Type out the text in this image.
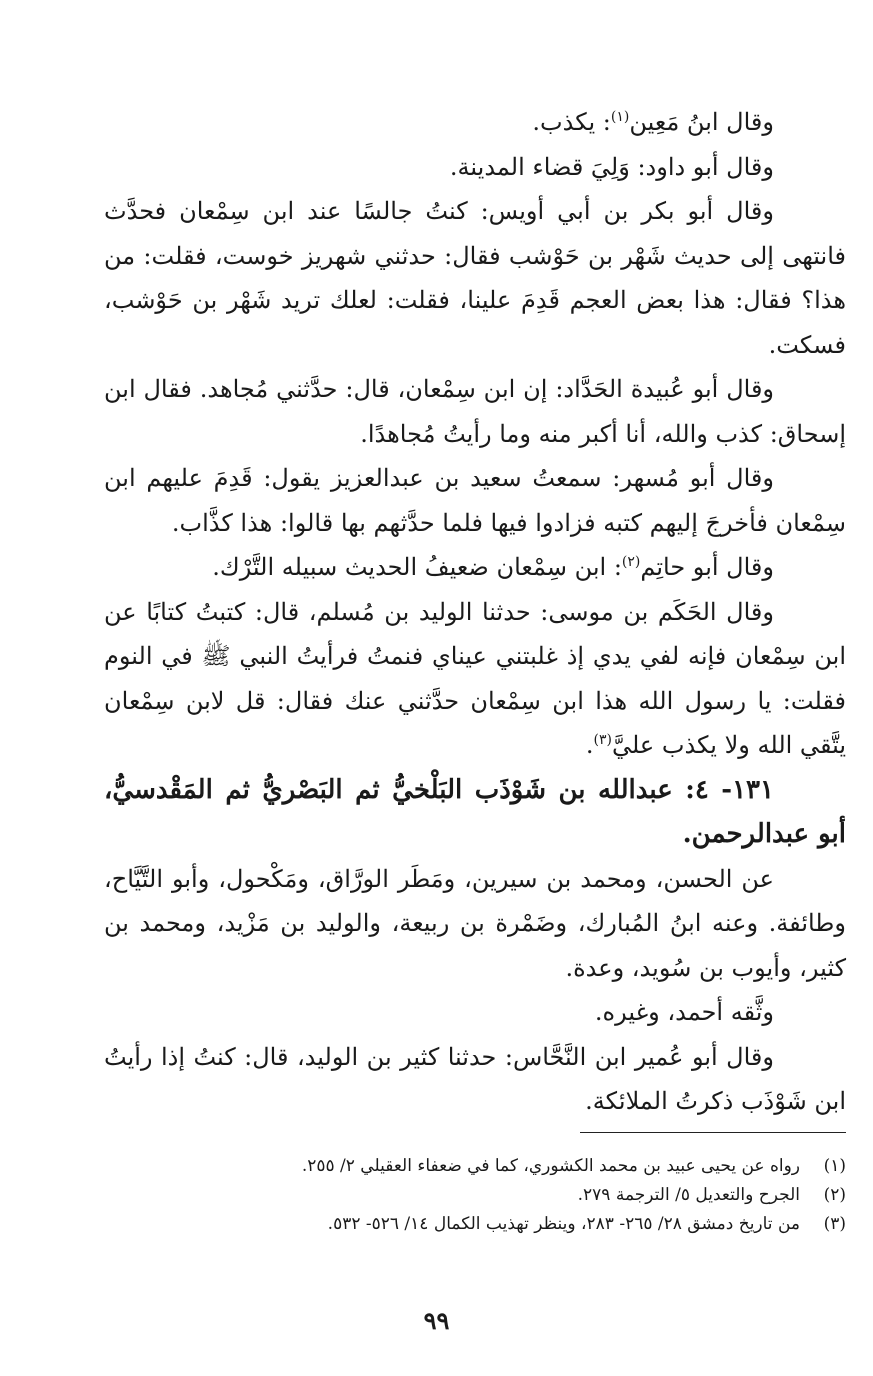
وقال ابنُ مَعِين$^{(١)}$: يكذب.

وقال أبو داود: وَلِيَ قضاء المدينة.

وقال أبو بكر بن أبي أويس: كنتُ جالسًا عند ابن سِمْعان فحدَّث فانتهى إلى حديث شَهْر بن حَوْشب فقال: حدثني شهريز خوست، فقلت: من هذا؟ فقال: هذا بعض العجم قَدِمَ علينا، فقلت: لعلك تريد شَهْر بن حَوْشب، فسكت.

وقال أبو عُبيدة الحَدَّاد: إن ابن سِمْعان، قال: حدَّثني مُجاهد. فقال ابن إسحاق: كذب والله، أنا أكبر منه وما رأيتُ مُجاهدًا.

وقال أبو مُسهر: سمعتُ سعيد بن عبدالعزيز يقول: قَدِمَ عليهم ابن سِمْعان فأخرجَ إليهم كتبه فزادوا فيها فلما حدَّثهم بها قالوا: هذا كذَّاب.

وقال أبو حاتِم$^{(٢)}$: ابن سِمْعان ضعيفُ الحديث سبيله التَّرْك.

وقال الحَكَم بن موسى: حدثنا الوليد بن مُسلم، قال: كتبتُ كتابًا عن ابن سِمْعان فإنه لفي يدي إذ غلبتني عيناي فنمتُ فرأيتُ النبي ﷺ في النوم فقلت: يا رسول الله هذا ابن سِمْعان حدَّثني عنك فقال: قل لابن سِمْعان يتَّقي الله ولا يكذب عليَّ$^{(٣)}$.

١٣١- ٤: عبدالله بن شَوْذَب البَلْخيُّ ثم البَصْريُّ ثم المَقْدسيُّ، أبو عبدالرحمن.

عن الحسن، ومحمد بن سيرين، ومَطَر الورَّاق، ومَكْحول، وأبو التَّيَّاح، وطائفة. وعنه ابنُ المُبارك، وضَمْرة بن ربيعة، والوليد بن مَزْيد، ومحمد بن كثير، وأيوب بن سُويد، وعدة.

وثَّقه أحمد، وغيره.

وقال أبو عُمير ابن النَّحَّاس: حدثنا كثير بن الوليد، قال: كنتُ إذا رأيتُ ابن شَوْذَب ذكرتُ الملائكة.

(١)
رواه عن يحيى عبيد بن محمد الكشوري، كما في ضعفاء العقيلي ٢/ ٢٥٥.
(٢)
الجرح والتعديل ٥/ الترجمة ٢٧٩.
(٣)
من تاريخ دمشق ٢٨/ ٢٦٥- ٢٨٣، وينظر تهذيب الكمال ١٤/ ٥٢٦- ٥٣٢.
٩٩
